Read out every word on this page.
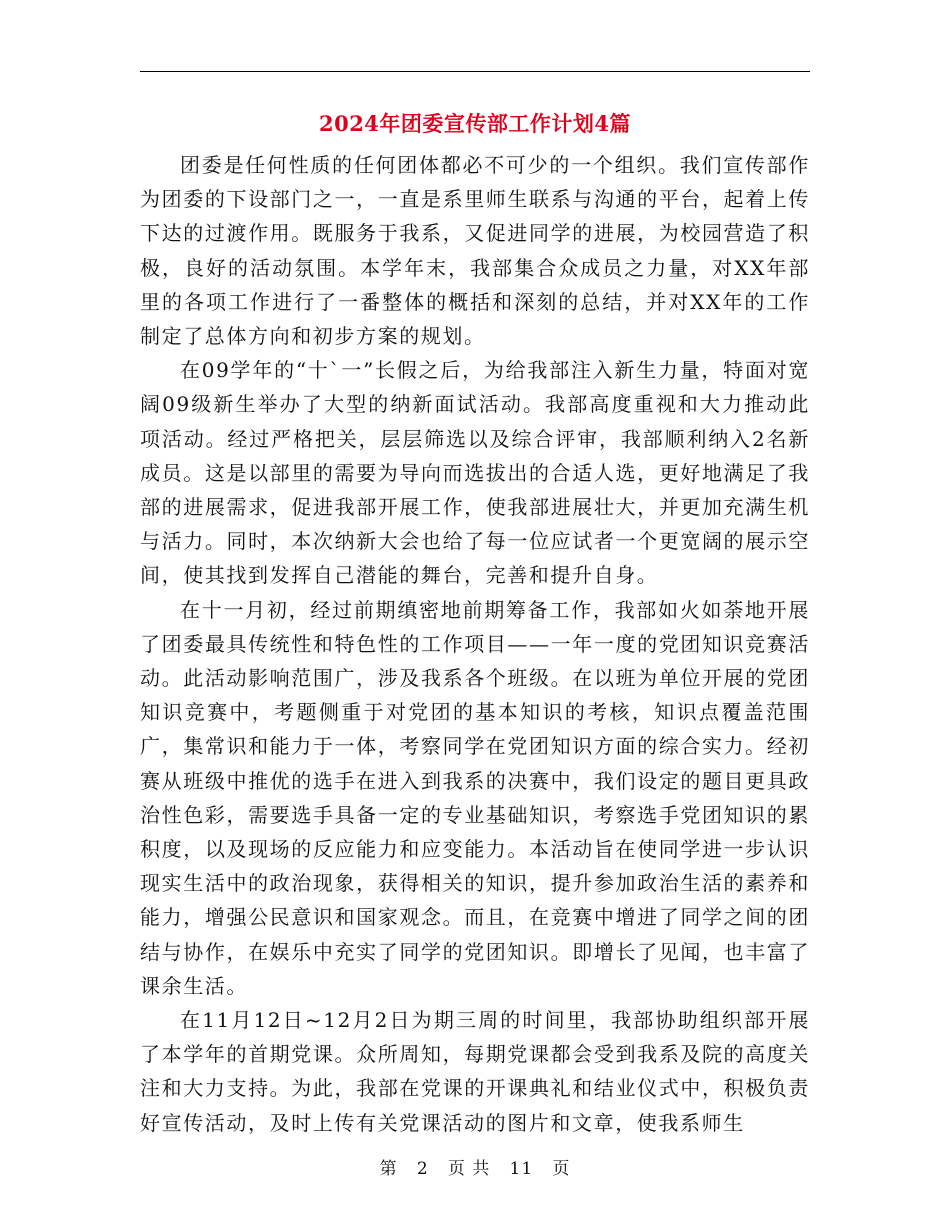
2024年团委宣传部工作计划4篇

团委是任何性质的任何团体都必不可少的一个组织。我们宣传部作为团委的下设部门之一，一直是系里师生联系与沟通的平台，起着上传下达的过渡作用。既服务于我系，又促进同学的进展，为校园营造了积极，良好的活动氛围。本学年末，我部集合众成员之力量，对XX年部里的各项工作进行了一番整体的概括和深刻的总结，并对XX年的工作制定了总体方向和初步方案的规划。

在09学年的“十`一”长假之后，为给我部注入新生力量，特面对宽阔09级新生举办了大型的纳新面试活动。我部高度重视和大力推动此项活动。经过严格把关，层层筛选以及综合评审，我部顺利纳入2名新成员。这是以部里的需要为导向而选拔出的合适人选，更好地满足了我部的进展需求，促进我部开展工作，使我部进展壮大，并更加充满生机与活力。同时，本次纳新大会也给了每一位应试者一个更宽阔的展示空间，使其找到发挥自己潜能的舞台，完善和提升自身。

在十一月初，经过前期缜密地前期筹备工作，我部如火如荼地开展了团委最具传统性和特色性的工作项目——一年一度的党团知识竞赛活动。此活动影响范围广，涉及我系各个班级。在以班为单位开展的党团知识竞赛中，考题侧重于对党团的基本知识的考核，知识点覆盖范围广，集常识和能力于一体，考察同学在党团知识方面的综合实力。经初赛从班级中推优的选手在进入到我系的决赛中，我们设定的题目更具政治性色彩，需要选手具备一定的专业基础知识，考察选手党团知识的累积度，以及现场的反应能力和应变能力。本活动旨在使同学进一步认识现实生活中的政治现象，获得相关的知识，提升参加政治生活的素养和能力，增强公民意识和国家观念。而且，在竞赛中增进了同学之间的团结与协作，在娱乐中充实了同学的党团知识。即增长了见闻，也丰富了课余生活。

在11月12日~12月2日为期三周的时间里，我部协助组织部开展了本学年的首期党课。众所周知，每期党课都会受到我系及院的高度关注和大力支持。为此，我部在党课的开课典礼和结业仪式中，积极负责好宣传活动，及时上传有关党课活动的图片和文章，使我系师生

第 2 页 共 11 页
